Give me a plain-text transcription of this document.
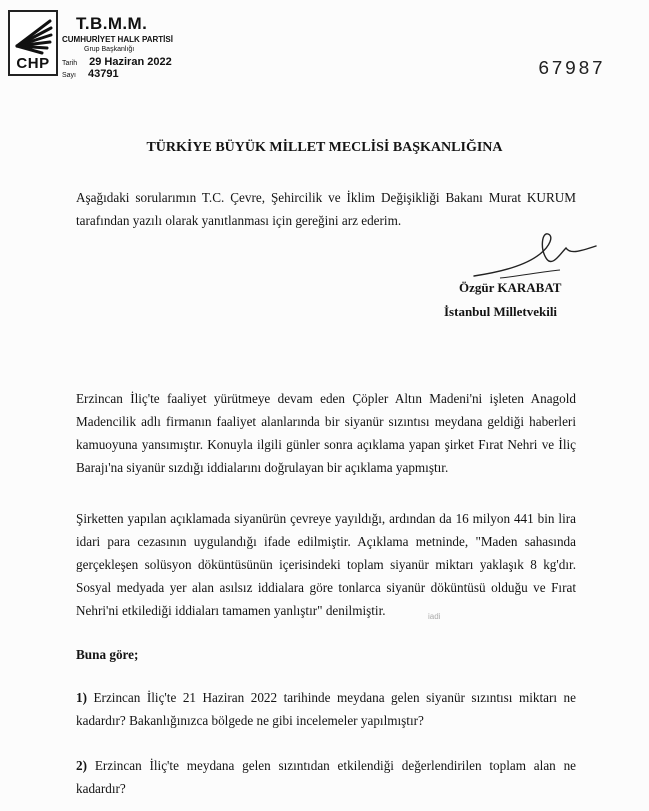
CHP
T.B.M.M.
CUMHURİYET HALK PARTİSİ
Grup Başkanlığı
Tarih 29 Haziran 2022
Sayı 43791	67987
TÜRKİYE BÜYÜK MİLLET MECLİSİ BAŞKANLIĞINA

Aşağıdaki sorularımın T.C. Çevre, Şehircilik ve İklim Değişikliği Bakanı Murat KURUM tarafından yazılı olarak yanıtlanması için gereğini arz ederim.

Özgür KARABAT
İstanbul Milletvekili

Erzincan İliç'te faaliyet yürütmeye devam eden Çöpler Altın Madeni'ni işleten Anagold Madencilik adlı firmanın faaliyet alanlarında bir siyanür sızıntısı meydana geldiği haberleri kamuoyuna yansımıştır. Konuyla ilgili günler sonra açıklama yapan şirket Fırat Nehri ve İliç Barajı'na siyanür sızdığı iddialarını doğrulayan bir açıklama yapmıştır.

Şirketten yapılan açıklamada siyanürün çevreye yayıldığı, ardından da 16 milyon 441 bin lira idari para cezasının uygulandığı ifade edilmiştir. Açıklama metninde, "Maden sahasında gerçekleşen solüsyon döküntüsünün içerisindeki toplam siyanür miktarı yaklaşık 8 kg'dır. Sosyal medyada yer alan asılsız iddialara göre tonlarca siyanür döküntüsü olduğu ve Fırat Nehri'ni etkilediği iddiaları tamamen yanlıştır" denilmiştir.	iadi

Buna göre;

1) Erzincan İliç'te 21 Haziran 2022 tarihinde meydana gelen siyanür sızıntısı miktarı ne kadardır? Bakanlığınızca bölgede ne gibi incelemeler yapılmıştır?

2) Erzincan İliç'te meydana gelen sızıntıdan etkilendiği değerlendirilen toplam alan ne kadardır?
